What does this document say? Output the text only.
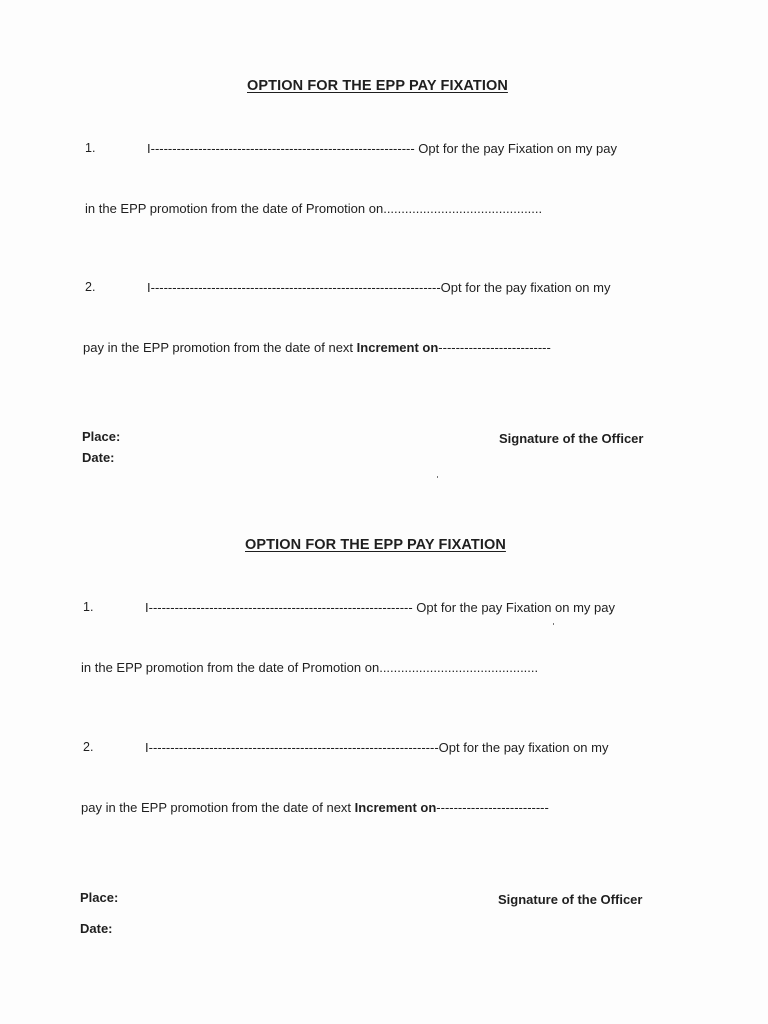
OPTION FOR THE EPP PAY FIXATION
1.	I------------------------------------------------------------- Opt for the pay Fixation on my pay
in the EPP promotion from the date of Promotion on............................................
2.	I-------------------------------------------------------------------Opt for the pay fixation on my
pay in the EPP promotion from the date of next Increment on--------------------------
Place:
Date:
Signature of the Officer
OPTION FOR THE EPP PAY FIXATION
1.	I------------------------------------------------------------- Opt for the pay Fixation on my pay
in the EPP promotion from the date of Promotion on............................................
2.	I-------------------------------------------------------------------Opt for the pay fixation on my
pay in the EPP promotion from the date of next Increment on--------------------------
Place:
Date:
Signature of the Officer
